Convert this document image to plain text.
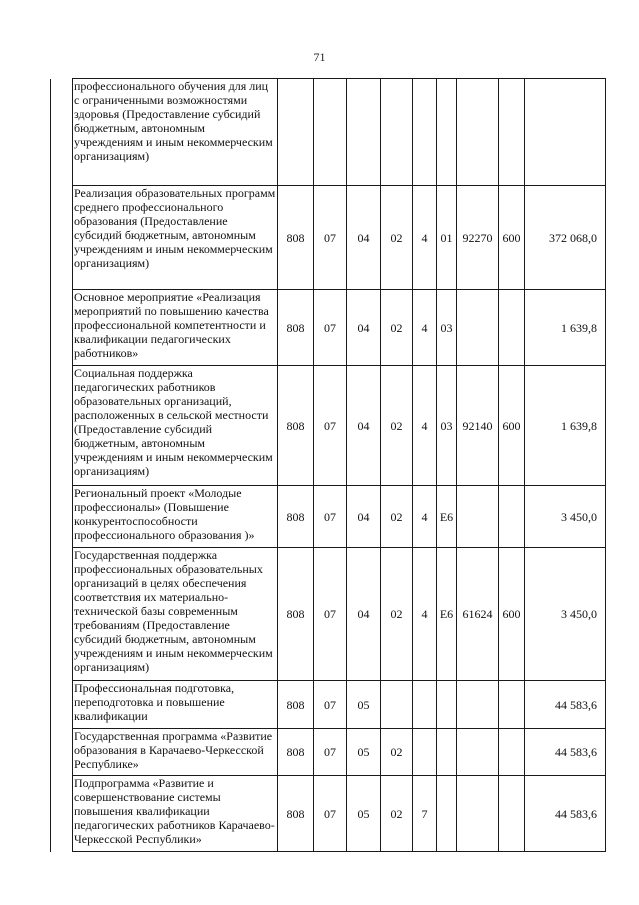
71
	профессионального обучения для лиц с ограниченными возможностями здоровья (Предоставление субсидий бюджетным, автономным учреждениям и иным некоммерческим организациям)									
	Реализация образовательных программ среднего профессионального образования (Предоставление субсидий бюджетным, автономным учреждениям и иным некоммерческим организациям)	808	07	04	02	4	01	92270	600	372 068,0
	Основное мероприятие «Реализация мероприятий по повышению качества профессиональной компетентности и квалификации педагогических работников»	808	07	04	02	4	03			1 639,8
	Социальная поддержка педагогических работников образовательных организаций, расположенных в сельской местности (Предоставление субсидий бюджетным, автономным учреждениям и иным некоммерческим организациям)	808	07	04	02	4	03	92140	600	1 639,8
	Региональный проект «Молодые профессионалы» (Повышение конкурентоспособности профессионального образования )»	808	07	04	02	4	Е6			3 450,0
	Государственная поддержка профессиональных образовательных организаций в целях обеспечения соответствия их материально-технической базы современным требованиям (Предоставление субсидий бюджетным, автономным учреждениям и иным некоммерческим организациям)	808	07	04	02	4	Е6	61624	600	3 450,0
	Профессиональная подготовка, переподготовка и повышение квалификации	808	07	05						44 583,6
	Государственная программа «Развитие образования в Карачаево-Черкесской Республике»	808	07	05	02					44 583,6
	Подпрограмма «Развитие и совершенствование системы повышения квалификации педагогических работников Карачаево-Черкесской Республики»	808	07	05	02	7				44 583,6
